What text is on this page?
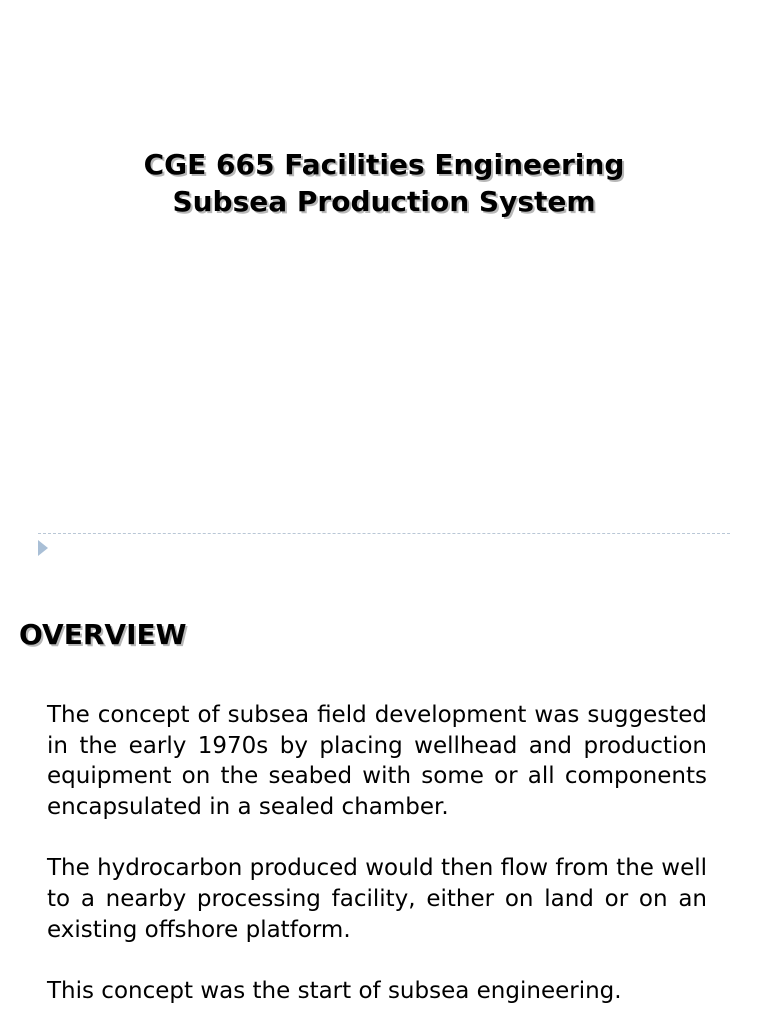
CGE 665 Facilities Engineering
Subsea Production System
OVERVIEW

The concept of subsea field development was suggested in the early 1970s by placing wellhead and production equipment on the seabed with some or all components encapsulated in a sealed chamber.

The hydrocarbon produced would then flow from the well to a nearby processing facility, either on land or on an existing offshore platform.

This concept was the start of subsea engineering.
